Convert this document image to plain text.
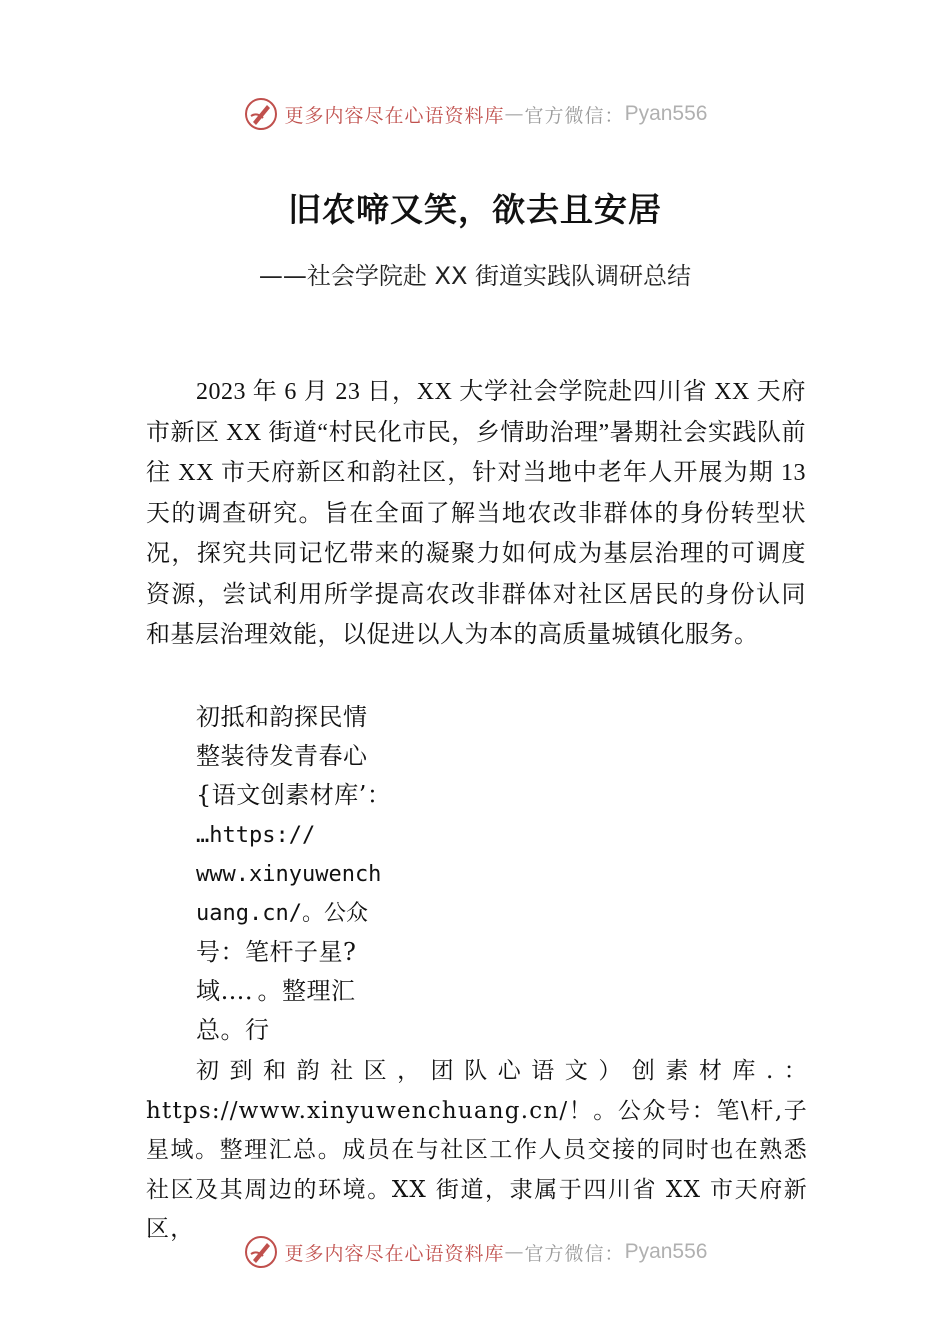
更多内容尽在心语资料库 — 官方微信： Pyan556
旧农啼又笑，欲去且安居
——社会学院赴 XX 街道实践队调研总结
2023 年 6 月 23 日，XX 大学社会学院赴四川省 XX 天府市新区 XX 街道“村民化市民，乡情助治理”暑期社会实践队前往 XX 市天府新区和韵社区，针对当地中老年人开展为期 13 天的调查研究。旨在全面了解当地农改非群体的身份转型状况，探究共同记忆带来的凝聚力如何成为基层治理的可调度资源，尝试利用所学提高农改非群体对社区居民的身份认同和基层治理效能，以促进以人为本的高质量城镇化服务。
初抵和韵探民情
整装待发青春心
{语文创素材库’：
…https://
www.xinyuwench
uang.cn/。公众
号：笔杆子星?
域…．。整理汇
总。行
初到和韵社区，团队心语文）创素材库.：https://www.xinyuwenchuang.cn/！。公众号：笔\杆,子星域。整理汇总。成员在与社区工作人员交接的同时也在熟悉社区及其周边的环境。XX 街道，隶属于四川省 XX 市天府新区，
更多内容尽在心语资料库 — 官方微信： Pyan556
